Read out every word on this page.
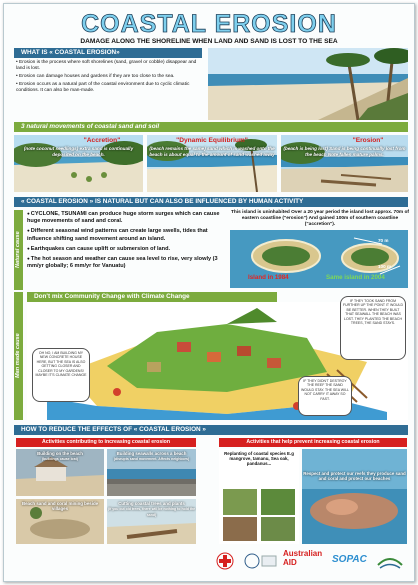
COASTAL EROSION
DAMAGE ALONG THE SHORELINE WHEN LAND AND SAND IS LOST TO THE SEA
WHAT IS « COASTAL EROSION»

• Erosion is the process where soft shorelines (sand, gravel or cobble) disappear and land is lost.

• Erosion can damage houses and gardens if they are too close to the sea.

• Erosion occurs as a natural part of the coastal environment due to cyclic climatic conditions. It can also be man-made.

3 natural movements of coastal sand and soil
"Accretion"
(note coconut seedlings) extra sand is continually deposited on the beach.
"Dynamic Equilibrium"
(beach remains the same) sand which is washed onto the beach is about equal to the amount of sand washed away
"Erosion"
(beach is being lost) Sand is being continually lost from the beach Note fallen mature palms.
« COASTAL EROSION » IS NATURAL BUT CAN ALSO BE INFLUENCED BY HUMAN ACTIVITY
Natural cause
● CYCLONE, TSUNAMI can produce huge storm surges which can cause huge movements of sand and coral.
● Different seasonal wind patterns can create large swells, tides that influence shifting sand movement around an island.
● Earthquakes can cause uplift or submersion of land.
● The hot season and weather can cause sea level to rise, very slowly (3 mm/yr globally; 6 mm/yr for Vanuatu)
This island is uninhabited Over a 20 year period the island lost approx. 70m of eastern coastline ("erosion") And gained 100m of southern coastline ("accretion").
70 m
100 m
Island in 1984	Same island in 2004
Man made cause
Don't mix Community Change with Climate Change
OH NO, I AM BUILDING MY NEW CONCRETE HOUSE HERE, BUT THE SEA IS ALSO GETTING CLOSER AND CLOSER TO MY GARDENS! MAYBE IT'S CLIMATE CHANGE
IF THEY TOOK SAND FROM FURTHER UP THE POINT IT WOULD BE BETTER. WHEN THEY BUILT THAT SEAWALL THE BEACH WAS LOST. THEY PLANTED THE BEACH TREES, THE SAND STAYS.
IF THEY DIDN'T DESTROY THE REEF THE SAND WOULD STAY. THE SEA WILL NOT CARRY IT AWAY SO FAST.
HOW TO REDUCE THE EFFECTS OF « COASTAL EROSION »
Activities contributing to increasing coastal erosion	Activities that help prevent increasing coastal erosion
Building on the beach
(buildings cause lost)
Building seawalls across a beach
(disrupts sand movement. Affects neighbors)
Beach sand and coral mining beside villages
Cutting coastal trees and plants
(If you cut old trees, there will be nothing to hold the sand)
Replanting of coastal species E.g mangrove, tamanu, Sea oak, pandanus...
Respect and protect our reefs they produce sand and coral and protect our beaches
Australian
AID	SOPAC
